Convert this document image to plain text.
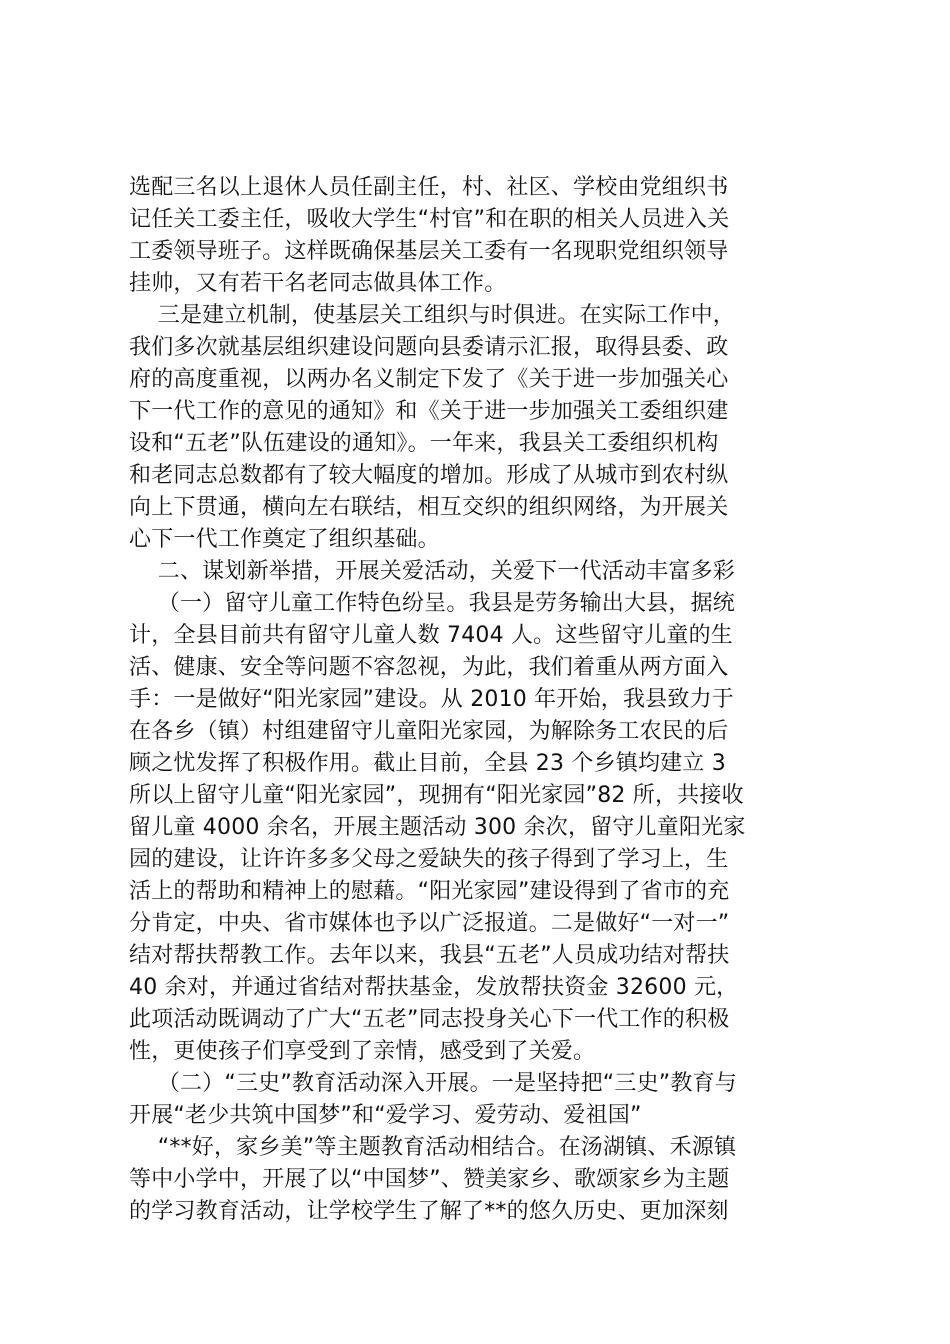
选配三名以上退休人员任副主任，村、社区、学校由党组织书
记任关工委主任，吸收大学生“村官”和在职的相关人员进入关
工委领导班子。这样既确保基层关工委有一名现职党组织领导
挂帅，又有若干名老同志做具体工作。
三是建立机制，使基层关工组织与时俱进。在实际工作中，
我们多次就基层组织建设问题向县委请示汇报，取得县委、政
府的高度重视，以两办名义制定下发了《关于进一步加强关心
下一代工作的意见的通知》和《关于进一步加强关工委组织建
设和“五老”队伍建设的通知》。一年来，我县关工委组织机构
和老同志总数都有了较大幅度的增加。形成了从城市到农村纵
向上下贯通，横向左右联结，相互交织的组织网络，为开展关
心下一代工作奠定了组织基础。
二、谋划新举措，开展关爱活动，关爱下一代活动丰富多彩
（一）留守儿童工作特色纷呈。我县是劳务输出大县，据统
计，全县目前共有留守儿童人数 7404 人。这些留守儿童的生
活、健康、安全等问题不容忽视，为此，我们着重从两方面入
手：一是做好“阳光家园”建设。从 2010 年开始，我县致力于
在各乡（镇）村组建留守儿童阳光家园，为解除务工农民的后
顾之忧发挥了积极作用。截止目前，全县 23 个乡镇均建立 3
所以上留守儿童“阳光家园”，现拥有“阳光家园”82 所，共接收
留儿童 4000 余名，开展主题活动 300 余次，留守儿童阳光家
园的建设，让许许多多父母之爱缺失的孩子得到了学习上，生
活上的帮助和精神上的慰藉。“阳光家园”建设得到了省市的充
分肯定，中央、省市媒体也予以广泛报道。二是做好“一对一”
结对帮扶帮教工作。去年以来，我县“五老”人员成功结对帮扶
40 余对，并通过省结对帮扶基金，发放帮扶资金 32600 元，
此项活动既调动了广大“五老”同志投身关心下一代工作的积极
性，更使孩子们享受到了亲情，感受到了关爱。
（二）“三史”教育活动深入开展。一是坚持把“三史”教育与
开展“老少共筑中国梦”和“爱学习、爱劳动、爱祖国”
“**好，家乡美”等主题教育活动相结合。在汤湖镇、禾源镇
等中小学中，开展了以“中国梦”、赞美家乡、歌颂家乡为主题
的学习教育活动，让学校学生了解了**的悠久历史、更加深刻
